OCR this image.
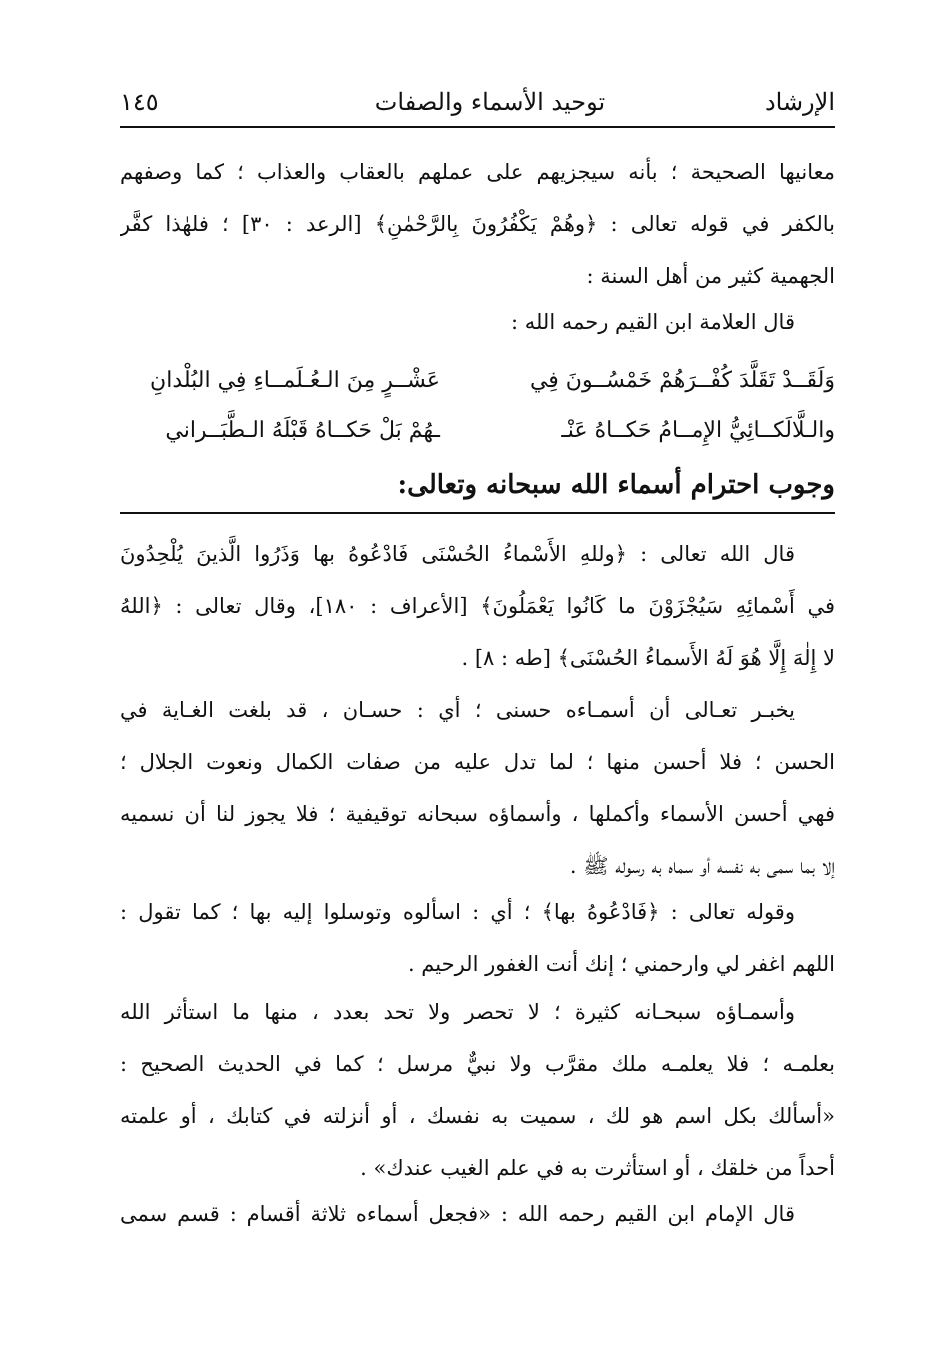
الإرشاد
توحيد الأسماء والصفات
١٤٥
معانيها الصحيحة ؛ بأنه سيجزيهم على عملهم بالعقاب والعذاب ؛ كما وصفهم
بالكفر في قوله تعالى : ﴿وهُمْ يَكْفُرُونَ بِالرَّحْمٰنِ﴾ [الرعد : ٣٠] ؛ فلهٰذا كفَّر
الجهمية كثير من أهل السنة :
قال العلامة ابن القيم رحمه الله :
وَلَقَــدْ تَقَلَّدَ كُفْــرَهُمْ خَمْسُــونَ فِي
عَشْــرٍ مِنَ الـعُـلَمــاءِ فِي البُلْدانِ
والـلَّالَكــائِيُّ الإِمــامُ حَكــاهُ عَنْـ
ـهُمْ بَلْ حَكــاهُ قَبْلَهُ الـطَّبَــراني
وجوب احترام أسماء الله سبحانه وتعالى:
قال الله تعالى : ﴿وللهِ الأَسْماءُ الحُسْنَى فَادْعُوهُ بها وَذَرُوا الَّذينَ يُلْحِدُونَ
في أَسْمائِهِ سَيُجْزَوْنَ ما كَانُوا يَعْمَلُونَ﴾ [الأعراف : ١٨٠]، وقال تعالى : ﴿اللهُ
لا إِلٰهَ إِلَّا هُوَ لَهُ الأَسماءُ الحُسْنَى﴾ [طه : ٨] .
يخبـر تعـالى أن أسمـاءه حسنى ؛ أي : حسـان ، قد بلغت الغـاية في
الحسن ؛ فلا أحسن منها ؛ لما تدل عليه من صفات الكمال ونعوت الجلال ؛
فهي أحسن الأسماء وأكملها ، وأسماؤه سبحانه توقيفية ؛ فلا يجوز لنا أن نسميه
إلا بما سمى به نفسه أو سماه به رسوله ﷺ .
وقوله تعالى : ﴿فَادْعُوهُ بها﴾ ؛ أي : اسألوه وتوسلوا إليه بها ؛ كما تقول :
اللهم اغفر لي وارحمني ؛ إنك أنت الغفور الرحيم .
وأسمـاؤه سبحـانه كثيرة ؛ لا تحصر ولا تحد بعدد ، منها ما استأثر الله
بعلمـه ؛ فلا يعلمـه ملك مقرَّب ولا نبيٌّ مرسل ؛ كما في الحديث الصحيح :
«أسألك بكل اسم هو لك ، سميت به نفسك ، أو أنزلته في كتابك ، أو علمته
أحداً من خلقك ، أو استأثرت به في علم الغيب عندك» .
قال الإمام ابن القيم رحمه الله : «فجعل أسماءه ثلاثة أقسام : قسم سمى
